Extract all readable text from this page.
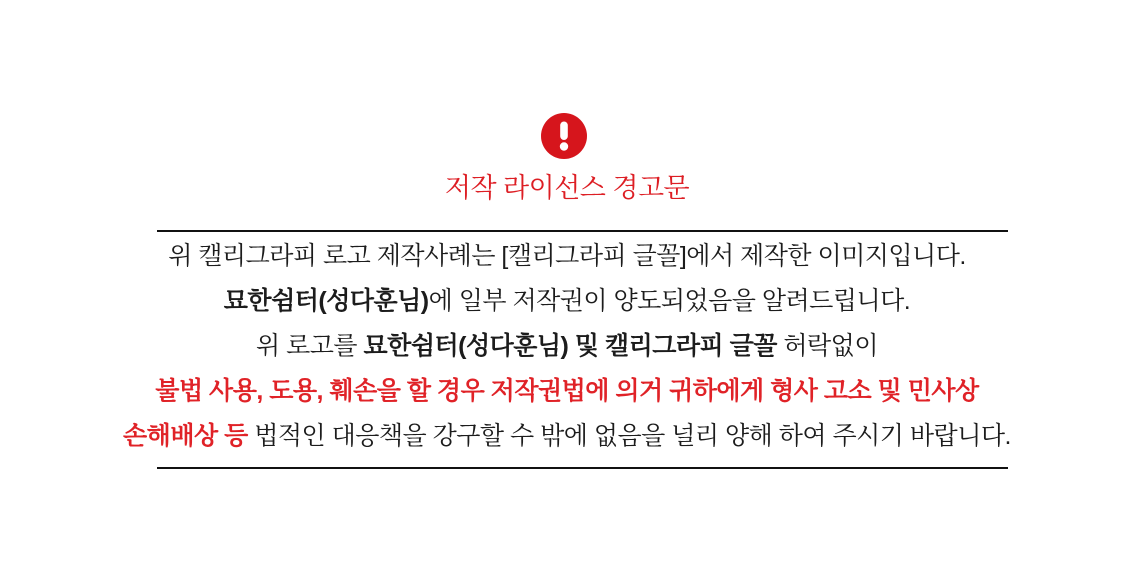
저작 라이선스 경고문

위 캘리그라피 로고 제작사례는 [캘리그라피 글꼴]에서 제작한 이미지입니다.

묘한쉼터(성다훈님)에 일부 저작권이 양도되었음을 알려드립니다.

위 로고를 묘한쉼터(성다훈님) 및 캘리그라피 글꼴 허락없이

불법 사용, 도용, 훼손을 할 경우 저작권법에 의거 귀하에게 형사 고소 및 민사상

손해배상 등 법적인 대응책을 강구할 수 밖에 없음을 널리 양해 하여 주시기 바랍니다.
